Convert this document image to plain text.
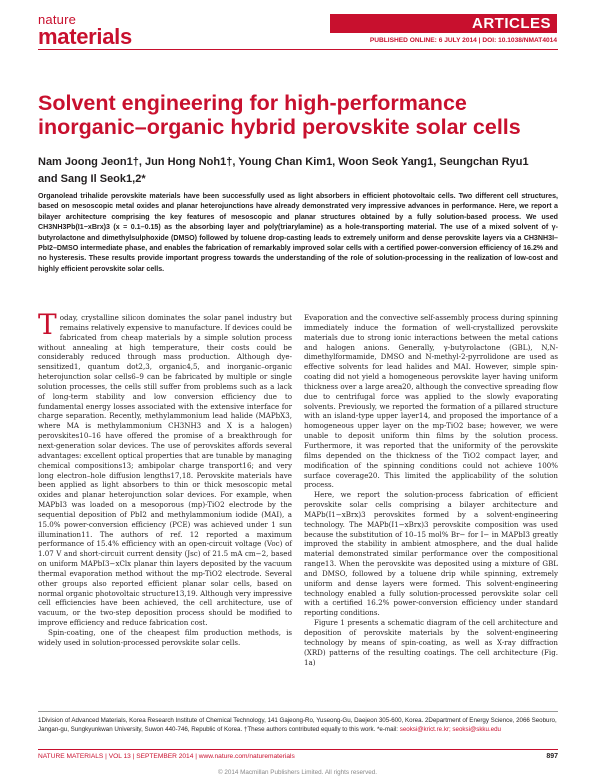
nature
materials
ARTICLES
PUBLISHED ONLINE: 6 JULY 2014 | DOI: 10.1038/NMAT4014
Solvent engineering for high-performance
inorganic–organic hybrid perovskite solar cells
Nam Joong Jeon1†, Jun Hong Noh1†, Young Chan Kim1, Woon Seok Yang1, Seungchan Ryu1
and Sang Il Seok1,2*
Organolead trihalide perovskite materials have been successfully used as light absorbers in efficient photovoltaic cells. Two different cell structures, based on mesoscopic metal oxides and planar heterojunctions have already demonstrated very impressive advances in performance. Here, we report a bilayer architecture comprising the key features of mesoscopic and planar structures obtained by a fully solution-based process. We used CH3NH3Pb(I1−xBrx)3 (x = 0.1–0.15) as the absorbing layer and poly(triarylamine) as a hole-transporting material. The use of a mixed solvent of γ-butyrolactone and dimethylsulphoxide (DMSO) followed by toluene drop-casting leads to extremely uniform and dense perovskite layers via a CH3NH3I–PbI2–DMSO intermediate phase, and enables the fabrication of remarkably improved solar cells with a certified power-conversion efficiency of 16.2% and no hysteresis. These results provide important progress towards the understanding of the role of solution-processing in the realization of low-cost and highly efficient perovskite solar cells.

Today, crystalline silicon dominates the solar panel industry but remains relatively expensive to manufacture. If devices could be fabricated from cheap materials by a simple solution process without annealing at high temperature, their costs could be considerably reduced through mass production. Although dye-sensitized1, quantum dot2,3, organic4,5, and inorganic–organic heterojunction solar cells6–9 can be fabricated by multiple or single solution processes, the cells still suffer from problems such as a lack of long-term stability and low conversion efficiency due to fundamental energy losses associated with the extensive interface for charge separation. Recently, methylammonium lead halide (MAPbX3, where MA is methylammonium CH3NH3 and X is a halogen) perovskites10–16 have offered the promise of a breakthrough for next-generation solar devices. The use of perovskites affords several advantages: excellent optical properties that are tunable by managing chemical compositions13; ambipolar charge transport16; and very long electron–hole diffusion lengths17,18. Perovskite materials have been applied as light absorbers to thin or thick mesoscopic metal oxides and planar heterojunction solar devices. For example, when MAPbI3 was loaded on a mesoporous (mp)-TiO2 electrode by the sequential deposition of PbI2 and methylammonium iodide (MAI), a 15.0% power-conversion efficiency (PCE) was achieved under 1 sun illumination11. The authors of ref. 12 reported a maximum performance of 15.4% efficiency with an open-circuit voltage (Voc) of 1.07 V and short-circuit current density (Jsc) of 21.5 mA cm−2, based on uniform MAPbI3−xClx planar thin layers deposited by the vacuum thermal evaporation method without the mp-TiO2 electrode. Several other groups also reported efficient planar solar cells, based on normal organic photovoltaic structure13,19. Although very impressive cell efficiencies have been achieved, the cell architecture, use of vacuum, or the two-step deposition process should be modified to improve efficiency and reduce fabrication cost.

Spin-coating, one of the cheapest film production methods, is widely used in solution-processed perovskite solar cells.

Evaporation and the convective self-assembly process during spinning immediately induce the formation of well-crystallized perovskite materials due to strong ionic interactions between the metal cations and halogen anions. Generally, γ-butyrolactone (GBL), N,N-dimethylformamide, DMSO and N-methyl-2-pyrrolidone are used as effective solvents for lead halides and MAI. However, simple spin-coating did not yield a homogeneous perovskite layer having uniform thickness over a large area20, although the convective spreading flow due to centrifugal force was applied to the slowly evaporating solvents. Previously, we reported the formation of a pillared structure with an island-type upper layer14, and proposed the importance of a homogeneous upper layer on the mp-TiO2 base; however, we were unable to deposit uniform thin films by the solution process. Furthermore, it was reported that the uniformity of the perovskite films depended on the thickness of the TiO2 compact layer, and modification of the spinning conditions could not achieve 100% surface coverage20. This limited the applicability of the solution process.

Here, we report the solution-process fabrication of efficient perovskite solar cells comprising a bilayer architecture and MAPb(I1−xBrx)3 perovskites formed by a solvent-engineering technology. The MAPb(I1−xBrx)3 perovskite composition was used because the substitution of 10–15 mol% Br− for I− in MAPbI3 greatly improved the stability in ambient atmosphere, and the dual halide material demonstrated similar performance over the compositional range13. When the perovskite was deposited using a mixture of GBL and DMSO, followed by a toluene drip while spinning, extremely uniform and dense layers were formed. This solvent-engineering technology enabled a fully solution-processed perovskite solar cell with a certified 16.2% power-conversion efficiency under standard reporting conditions.

Figure 1 presents a schematic diagram of the cell architecture and deposition of perovskite materials by the solvent-engineering technology by means of spin-coating, as well as X-ray diffraction (XRD) patterns of the resulting coatings. The cell architecture (Fig. 1a)

1Division of Advanced Materials, Korea Research Institute of Chemical Technology, 141 Gajeong-Ro, Yuseong-Gu, Daejeon 305-600, Korea. 2Department of Energy Science, 2066 Seoburo, Jangan-gu, Sungkyunkwan University, Suwon 440-746, Republic of Korea. †These authors contributed equally to this work. *e-mail: seoksi@krict.re.kr; seoksi@skku.edu
NATURE MATERIALS | VOL 13 | SEPTEMBER 2014 | www.nature.com/naturematerials	897
© 2014 Macmillan Publishers Limited. All rights reserved.
